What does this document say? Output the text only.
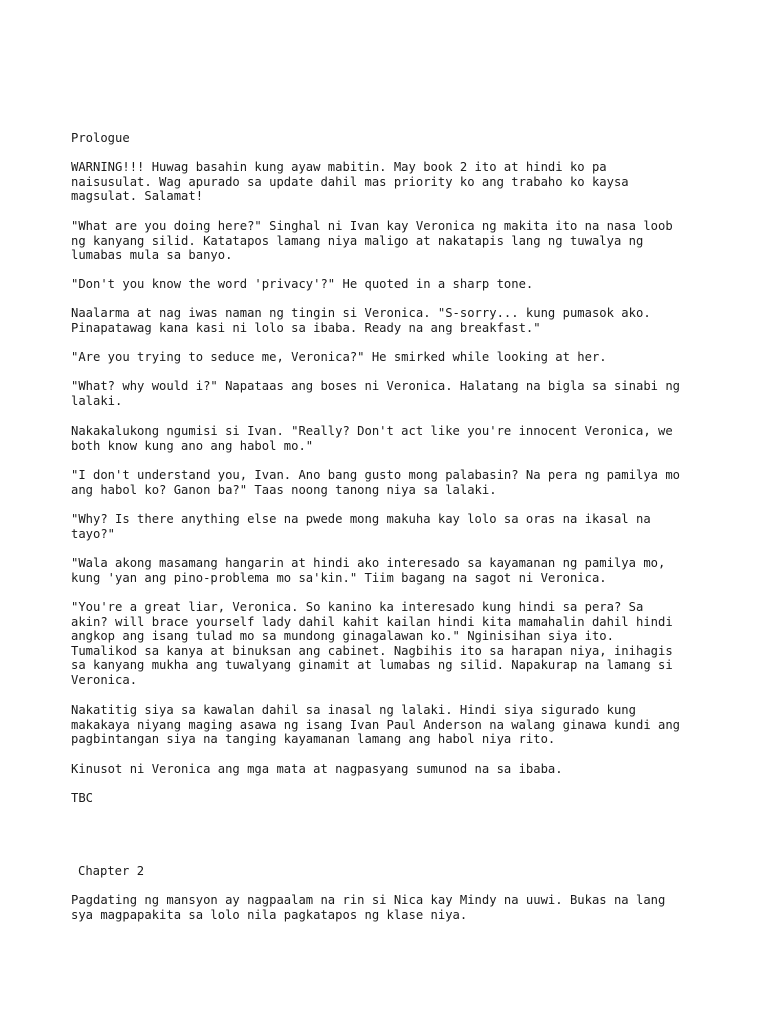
Prologue

WARNING!!! Huwag basahin kung ayaw mabitin. May book 2 ito at hindi ko pa
naisusulat. Wag apurado sa update dahil mas priority ko ang trabaho ko kaysa
magsulat. Salamat!

"What are you doing here?" Singhal ni Ivan kay Veronica ng makita ito na nasa loob
ng kanyang silid. Katatapos lamang niya maligo at nakatapis lang ng tuwalya ng
lumabas mula sa banyo.

"Don't you know the word 'privacy'?" He quoted in a sharp tone.

Naalarma at nag iwas naman ng tingin si Veronica. "S-sorry... kung pumasok ako.
Pinapatawag kana kasi ni lolo sa ibaba. Ready na ang breakfast."

"Are you trying to seduce me, Veronica?" He smirked while looking at her.

"What? why would i?" Napataas ang boses ni Veronica. Halatang na bigla sa sinabi ng
lalaki.

Nakakalukong ngumisi si Ivan. "Really? Don't act like you're innocent Veronica, we
both know kung ano ang habol mo."

"I don't understand you, Ivan. Ano bang gusto mong palabasin? Na pera ng pamilya mo
ang habol ko? Ganon ba?" Taas noong tanong niya sa lalaki.

"Why? Is there anything else na pwede mong makuha kay lolo sa oras na ikasal na
tayo?"

"Wala akong masamang hangarin at hindi ako interesado sa kayamanan ng pamilya mo,
kung 'yan ang pino-problema mo sa'kin." Tiim bagang na sagot ni Veronica.

"You're a great liar, Veronica. So kanino ka interesado kung hindi sa pera? Sa
akin? will brace yourself lady dahil kahit kailan hindi kita mamahalin dahil hindi
angkop ang isang tulad mo sa mundong ginagalawan ko." Nginisihan siya ito.
Tumalikod sa kanya at binuksan ang cabinet. Nagbihis ito sa harapan niya, inihagis
sa kanyang mukha ang tuwalyang ginamit at lumabas ng silid. Napakurap na lamang si
Veronica.

Nakatitig siya sa kawalan dahil sa inasal ng lalaki. Hindi siya sigurado kung
makakaya niyang maging asawa ng isang Ivan Paul Anderson na walang ginawa kundi ang
pagbintangan siya na tanging kayamanan lamang ang habol niya rito.

Kinusot ni Veronica ang mga mata at nagpasyang sumunod na sa ibaba.

TBC

Chapter 2

Pagdating ng mansyon ay nagpaalam na rin si Nica kay Mindy na uuwi. Bukas na lang
sya magpapakita sa lolo nila pagkatapos ng klase niya.
